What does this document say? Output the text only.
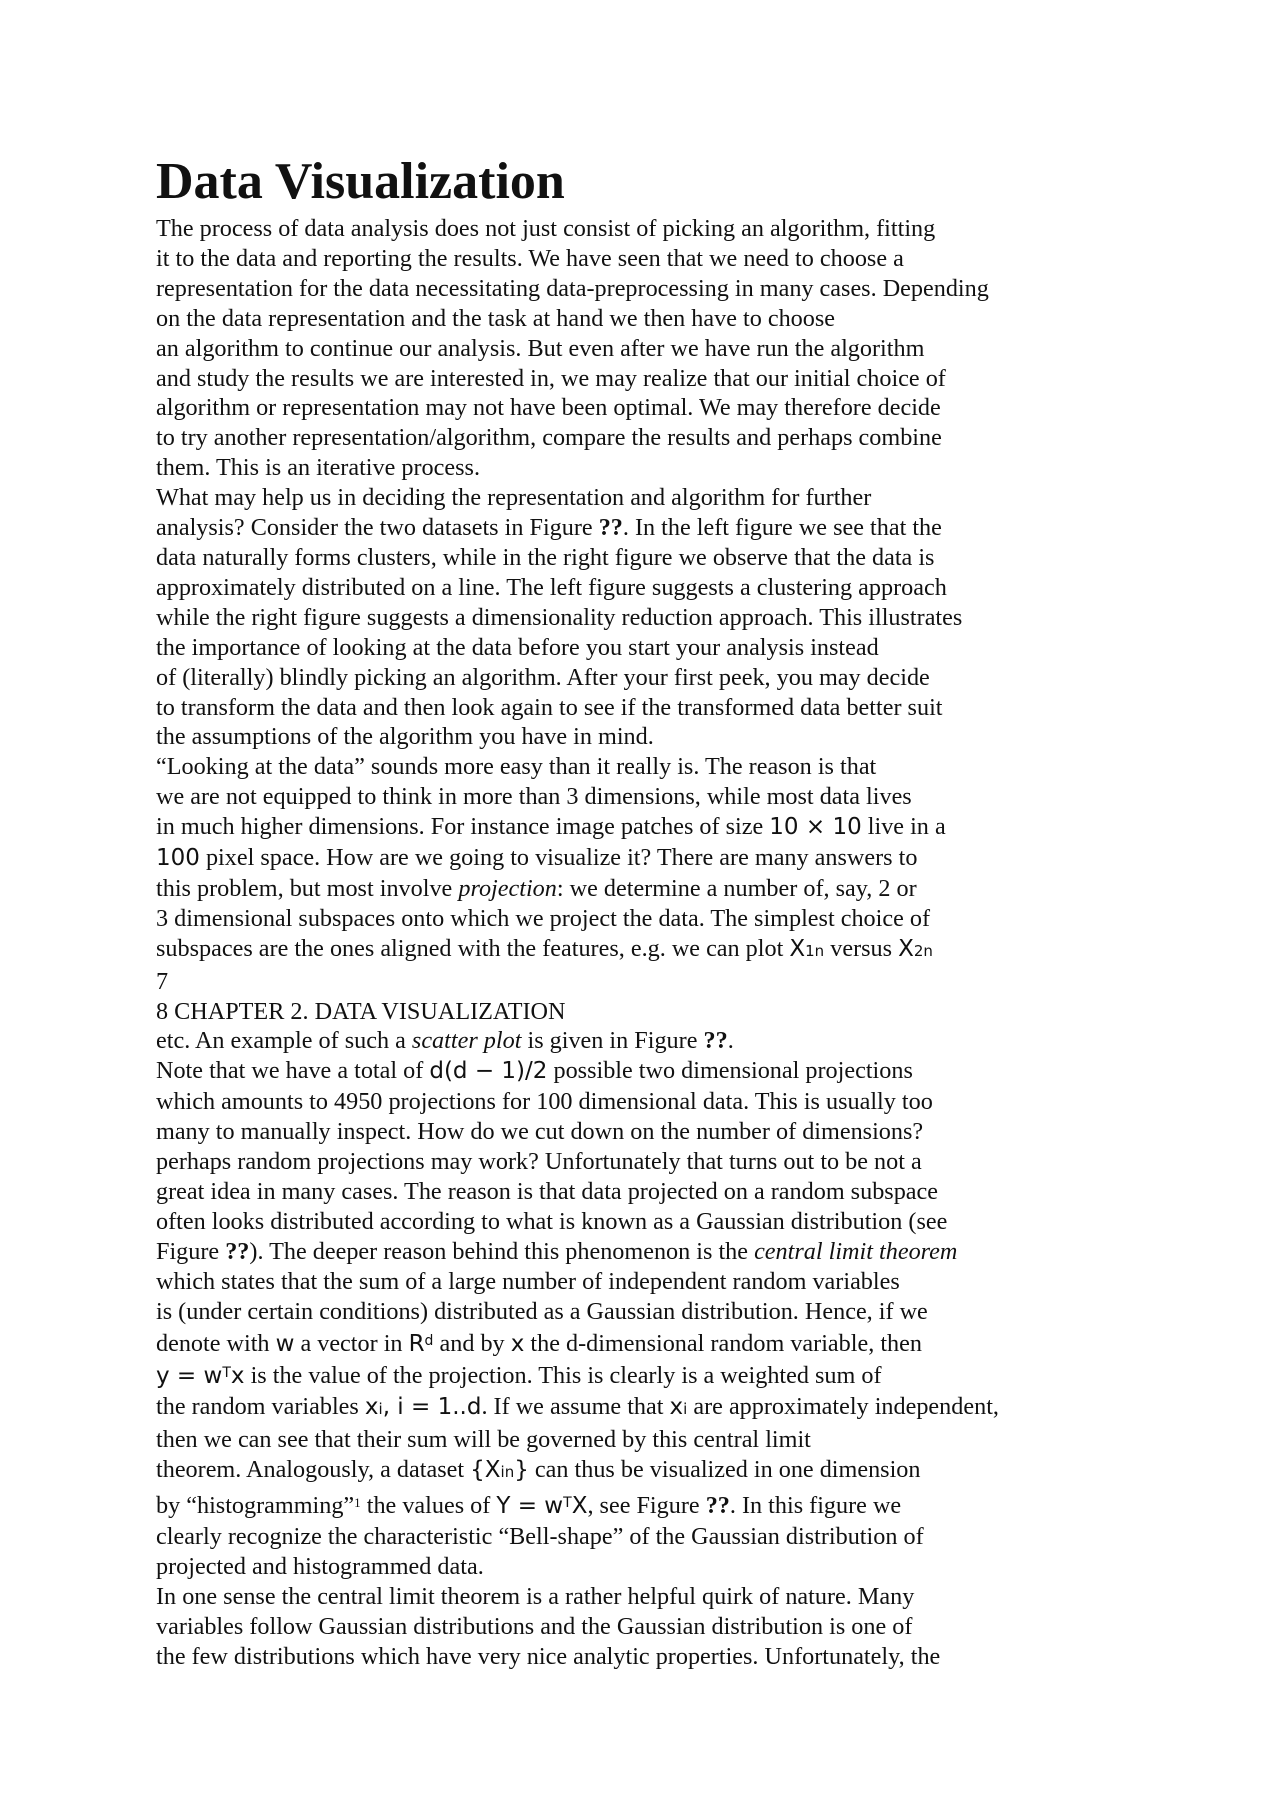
Data Visualization
The process of data analysis does not just consist of picking an algorithm, fitting
it to the data and reporting the results. We have seen that we need to choose a
representation for the data necessitating data-preprocessing in many cases. Depending
on the data representation and the task at hand we then have to choose
an algorithm to continue our analysis. But even after we have run the algorithm
and study the results we are interested in, we may realize that our initial choice of
algorithm or representation may not have been optimal. We may therefore decide
to try another representation/algorithm, compare the results and perhaps combine
them. This is an iterative process.
What may help us in deciding the representation and algorithm for further
analysis? Consider the two datasets in Figure ??. In the left figure we see that the
data naturally forms clusters, while in the right figure we observe that the data is
approximately distributed on a line. The left figure suggests a clustering approach
while the right figure suggests a dimensionality reduction approach. This illustrates
the importance of looking at the data before you start your analysis instead
of (literally) blindly picking an algorithm. After your first peek, you may decide
to transform the data and then look again to see if the transformed data better suit
the assumptions of the algorithm you have in mind.
“Looking at the data” sounds more easy than it really is. The reason is that
we are not equipped to think in more than 3 dimensions, while most data lives
in much higher dimensions. For instance image patches of size 10 × 10 live in a
100 pixel space. How are we going to visualize it? There are many answers to
this problem, but most involve projection: we determine a number of, say, 2 or
3 dimensional subspaces onto which we project the data. The simplest choice of
subspaces are the ones aligned with the features, e.g. we can plot X1n versus X2n
7
8 CHAPTER 2. DATA VISUALIZATION
etc. An example of such a scatter plot is given in Figure ??.
Note that we have a total of d(d − 1)/2 possible two dimensional projections
which amounts to 4950 projections for 100 dimensional data. This is usually too
many to manually inspect. How do we cut down on the number of dimensions?
perhaps random projections may work? Unfortunately that turns out to be not a
great idea in many cases. The reason is that data projected on a random subspace
often looks distributed according to what is known as a Gaussian distribution (see
Figure ??). The deeper reason behind this phenomenon is the central limit theorem
which states that the sum of a large number of independent random variables
is (under certain conditions) distributed as a Gaussian distribution. Hence, if we
denote with w a vector in $R^d$ and by x the d-dimensional random variable, then
$y = w^Tx$ is the value of the projection. This is clearly is a weighted sum of
the random variables xi, i = 1..d. If we assume that xi are approximately independent,
then we can see that their sum will be governed by this central limit
theorem. Analogously, a dataset {Xin} can thus be visualized in one dimension
by “histogramming”$^1$ the values of $Y = w^TX$, see Figure ??. In this figure we
clearly recognize the characteristic “Bell-shape” of the Gaussian distribution of
projected and histogrammed data.
In one sense the central limit theorem is a rather helpful quirk of nature. Many
variables follow Gaussian distributions and the Gaussian distribution is one of
the few distributions which have very nice analytic properties. Unfortunately, the
